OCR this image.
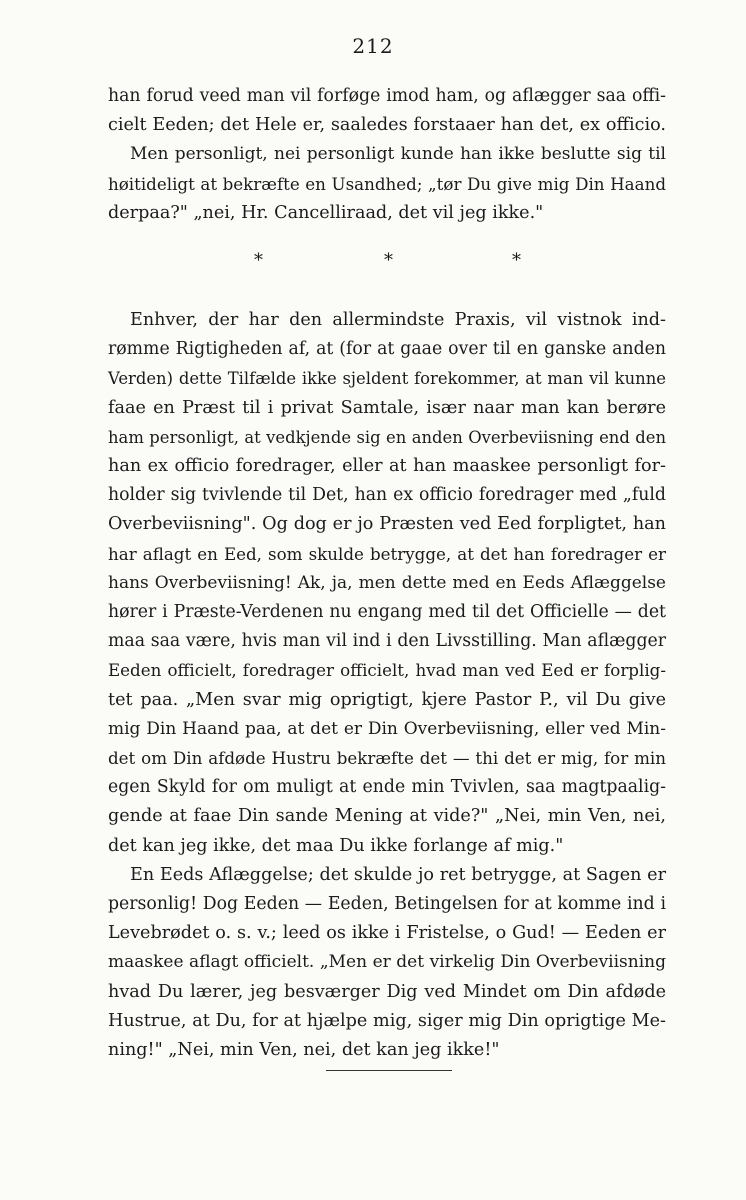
212
han forud veed man vil forføge imod ham, og aflægger saa offi-
cielt Eeden; det Hele er, saaledes forstaaer han det, ex officio.
Men personligt, nei personligt kunde han ikke beslutte sig til
høitideligt at bekræfte en Usandhed; „tør Du give mig Din Haand
derpaa?" „nei, Hr. Cancelliraad, det vil jeg ikke."
*	*	*
Enhver, der har den allermindste Praxis, vil vistnok ind-
rømme Rigtigheden af, at (for at gaae over til en ganske anden
Verden) dette Tilfælde ikke sjeldent forekommer, at man vil kunne
faae en Præst til i privat Samtale, især naar man kan berøre
ham personligt, at vedkjende sig en anden Overbeviisning end den
han ex officio foredrager, eller at han maaskee personligt for-
holder sig tvivlende til Det, han ex officio foredrager med „fuld
Overbeviisning". Og dog er jo Præsten ved Eed forpligtet, han
har aflagt en Eed, som skulde betrygge, at det han foredrager er
hans Overbeviisning! Ak, ja, men dette med en Eeds Aflæggelse
hører i Præste-Verdenen nu engang med til det Officielle — det
maa saa være, hvis man vil ind i den Livsstilling. Man aflægger
Eeden officielt, foredrager officielt, hvad man ved Eed er forplig-
tet paa. „Men svar mig oprigtigt, kjere Pastor P., vil Du give
mig Din Haand paa, at det er Din Overbeviisning, eller ved Min-
det om Din afdøde Hustru bekræfte det — thi det er mig, for min
egen Skyld for om muligt at ende min Tvivlen, saa magtpaalig-
gende at faae Din sande Mening at vide?" „Nei, min Ven, nei,
det kan jeg ikke, det maa Du ikke forlange af mig."
En Eeds Aflæggelse; det skulde jo ret betrygge, at Sagen er
personlig! Dog Eeden — Eeden, Betingelsen for at komme ind i
Levebrødet o. s. v.; leed os ikke i Fristelse, o Gud! — Eeden er
maaskee aflagt officielt. „Men er det virkelig Din Overbeviisning
hvad Du lærer, jeg besværger Dig ved Mindet om Din afdøde
Hustrue, at Du, for at hjælpe mig, siger mig Din oprigtige Me-
ning!" „Nei, min Ven, nei, det kan jeg ikke!"
